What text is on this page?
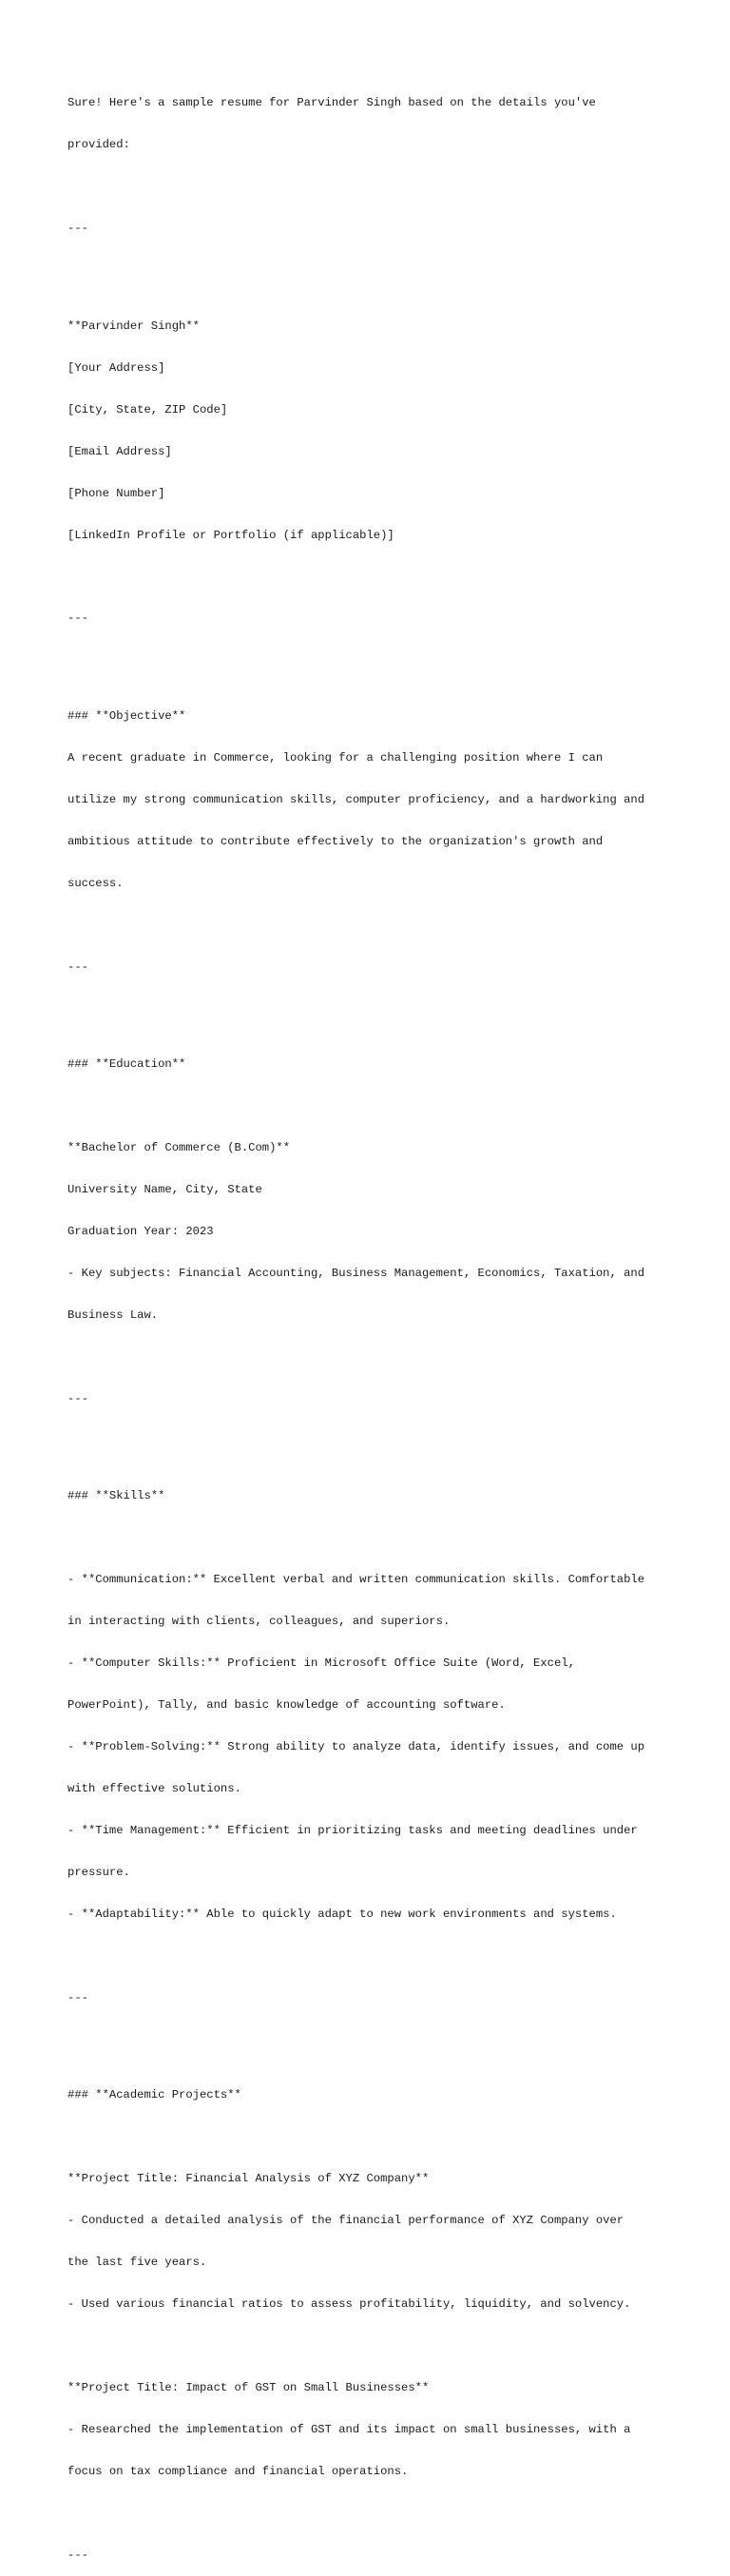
Sure! Here's a sample resume for Parvinder Singh based on the details you've

provided:

---

**Parvinder Singh**

[Your Address]

[City, State, ZIP Code]

[Email Address]

[Phone Number]

[LinkedIn Profile or Portfolio (if applicable)]

---

### **Objective**

A recent graduate in Commerce, looking for a challenging position where I can

utilize my strong communication skills, computer proficiency, and a hardworking and

ambitious attitude to contribute effectively to the organization's growth and

success.

---

### **Education**

**Bachelor of Commerce (B.Com)**

University Name, City, State

Graduation Year: 2023

- Key subjects: Financial Accounting, Business Management, Economics, Taxation, and

Business Law.

---

### **Skills**

- **Communication:** Excellent verbal and written communication skills. Comfortable

in interacting with clients, colleagues, and superiors.

- **Computer Skills:** Proficient in Microsoft Office Suite (Word, Excel,

PowerPoint), Tally, and basic knowledge of accounting software.

- **Problem-Solving:** Strong ability to analyze data, identify issues, and come up

with effective solutions.

- **Time Management:** Efficient in prioritizing tasks and meeting deadlines under

pressure.

- **Adaptability:** Able to quickly adapt to new work environments and systems.

---

### **Academic Projects**

**Project Title: Financial Analysis of XYZ Company**

- Conducted a detailed analysis of the financial performance of XYZ Company over

the last five years.

- Used various financial ratios to assess profitability, liquidity, and solvency.

**Project Title: Impact of GST on Small Businesses**

- Researched the implementation of GST and its impact on small businesses, with a

focus on tax compliance and financial operations.

---
